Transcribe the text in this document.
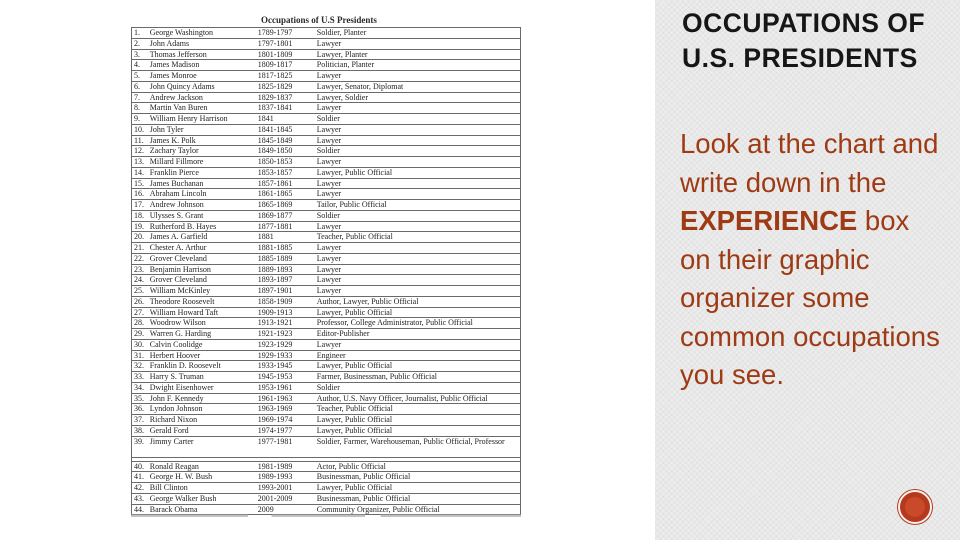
Occupations of U.S Presidents
1.	George Washington	1789-1797	Soldier, Planter
2.	John Adams	1797-1801	Lawyer
3.	Thomas Jefferson	1801-1809	Lawyer, Planter
4.	James Madison	1809-1817	Politician, Planter
5.	James Monroe	1817-1825	Lawyer
6.	John Quincy Adams	1825-1829	Lawyer, Senator, Diplomat
7.	Andrew Jackson	1829-1837	Lawyer, Soldier
8.	Martin Van Buren	1837-1841	Lawyer
9.	William Henry Harrison	1841	Soldier
10.	John Tyler	1841-1845	Lawyer
11.	James K. Polk	1845-1849	Lawyer
12.	Zachary Taylor	1849-1850	Soldier
13.	Millard Fillmore	1850-1853	Lawyer
14.	Franklin Pierce	1853-1857	Lawyer, Public Official
15.	James Buchanan	1857-1861	Lawyer
16.	Abraham Lincoln	1861-1865	Lawyer
17.	Andrew Johnson	1865-1869	Tailor, Public Official
18.	Ulysses S. Grant	1869-1877	Soldier
19.	Rutherford B. Hayes	1877-1881	Lawyer
20.	James A. Garfield	1881	Teacher, Public Official
21.	Chester A. Arthur	1881-1885	Lawyer
22.	Grover Cleveland	1885-1889	Lawyer
23.	Benjamin Harrison	1889-1893	Lawyer
24.	Grover Cleveland	1893-1897	Lawyer
25.	William McKinley	1897-1901	Lawyer
26.	Theodore Roosevelt	1858-1909	Author, Lawyer, Public Official
27.	William Howard Taft	1909-1913	Lawyer, Public Official
28.	Woodrow Wilson	1913-1921	Professor, College Administrator, Public Official
29.	Warren G. Harding	1921-1923	Editor-Publisher
30.	Calvin Coolidge	1923-1929	Lawyer
31.	Herbert Hoover	1929-1933	Engineer
32.	Franklin D. Roosevelt	1933-1945	Lawyer, Public Official
33.	Harry S. Truman	1945-1953	Farmer, Businessman, Public Official
34.	Dwight Eisenhower	1953-1961	Soldier
35.	John F. Kennedy	1961-1963	Author, U.S. Navy Officer, Journalist, Public Official
36.	Lyndon Johnson	1963-1969	Teacher, Public Official
37.	Richard Nixon	1969-1974	Lawyer, Public Official
38.	Gerald Ford	1974-1977	Lawyer, Public Official
39.	Jimmy Carter	1977-1981	Soldier, Farmer, Warehouseman, Public Official, Professor

40.	Ronald Reagan	1981-1989	Actor, Public Official
41.	George H. W. Bush	1989-1993	Businessman, Public Official
42.	Bill Clinton	1993-2001	Lawyer, Public Official
43.	George Walker Bush	2001-2009	Businessman, Public Official
44.	Barack Obama	2009	Community Organizer, Public Official
OCCUPATIONS OF U.S. PRESIDENTS

Look at the chart and write down in the EXPERIENCE box on their graphic organizer some common occupations you see.
